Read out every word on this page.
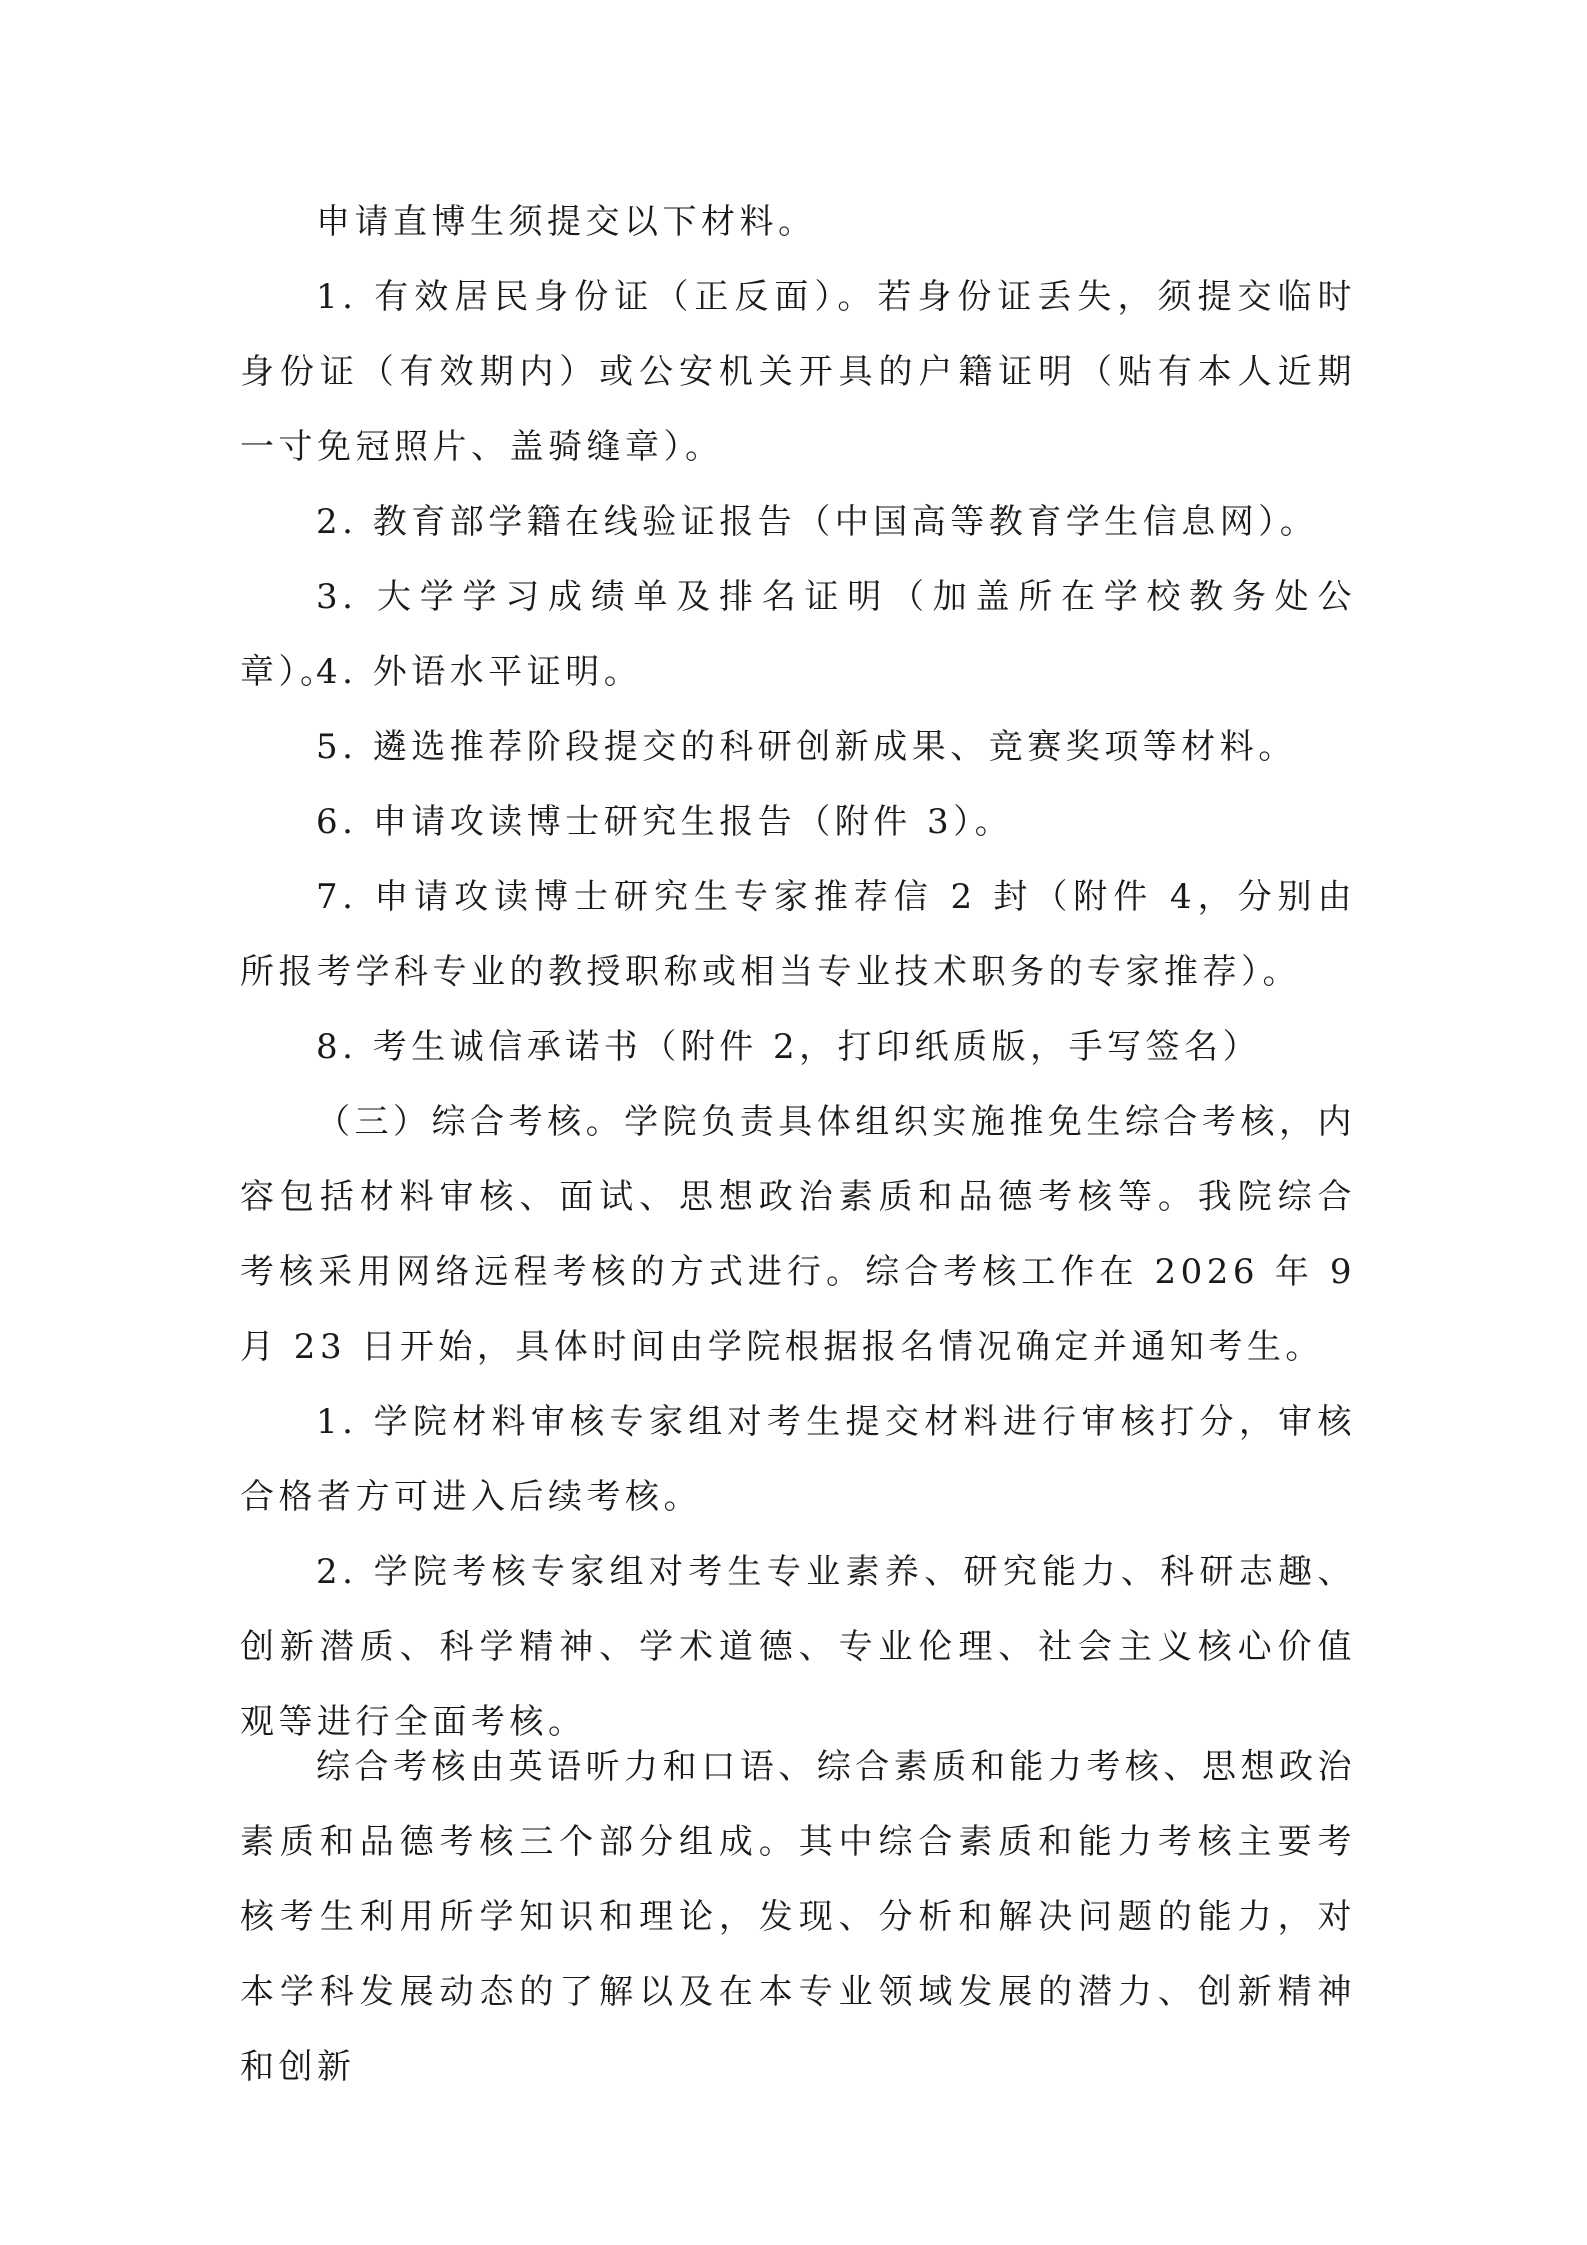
申请直博生须提交以下材料。

1. 有效居民身份证（正反面）。若身份证丢失，须提交临时身份证（有效期内）或公安机关开具的户籍证明（贴有本人近期一寸免冠照片、盖骑缝章）。

2. 教育部学籍在线验证报告（中国高等教育学生信息网）。

3. 大学学习成绩单及排名证明（加盖所在学校教务处公章）。

4. 外语水平证明。

5. 遴选推荐阶段提交的科研创新成果、竞赛奖项等材料。

6. 申请攻读博士研究生报告（附件 3）。

7. 申请攻读博士研究生专家推荐信 2 封（附件 4，分别由所报考学科专业的教授职称或相当专业技术职务的专家推荐）。

8. 考生诚信承诺书（附件 2，打印纸质版，手写签名）

（三）综合考核。学院负责具体组织实施推免生综合考核，内容包括材料审核、面试、思想政治素质和品德考核等。我院综合考核采用网络远程考核的方式进行。综合考核工作在 2026 年 9 月 23 日开始，具体时间由学院根据报名情况确定并通知考生。

1. 学院材料审核专家组对考生提交材料进行审核打分，审核合格者方可进入后续考核。

2. 学院考核专家组对考生专业素养、研究能力、科研志趣、创新潜质、科学精神、学术道德、专业伦理、社会主义核心价值观等进行全面考核。

综合考核由英语听力和口语、综合素质和能力考核、思想政治素质和品德考核三个部分组成。其中综合素质和能力考核主要考核考生利用所学知识和理论，发现、分析和解决问题的能力，对本学科发展动态的了解以及在本专业领域发展的潜力、创新精神和创新
